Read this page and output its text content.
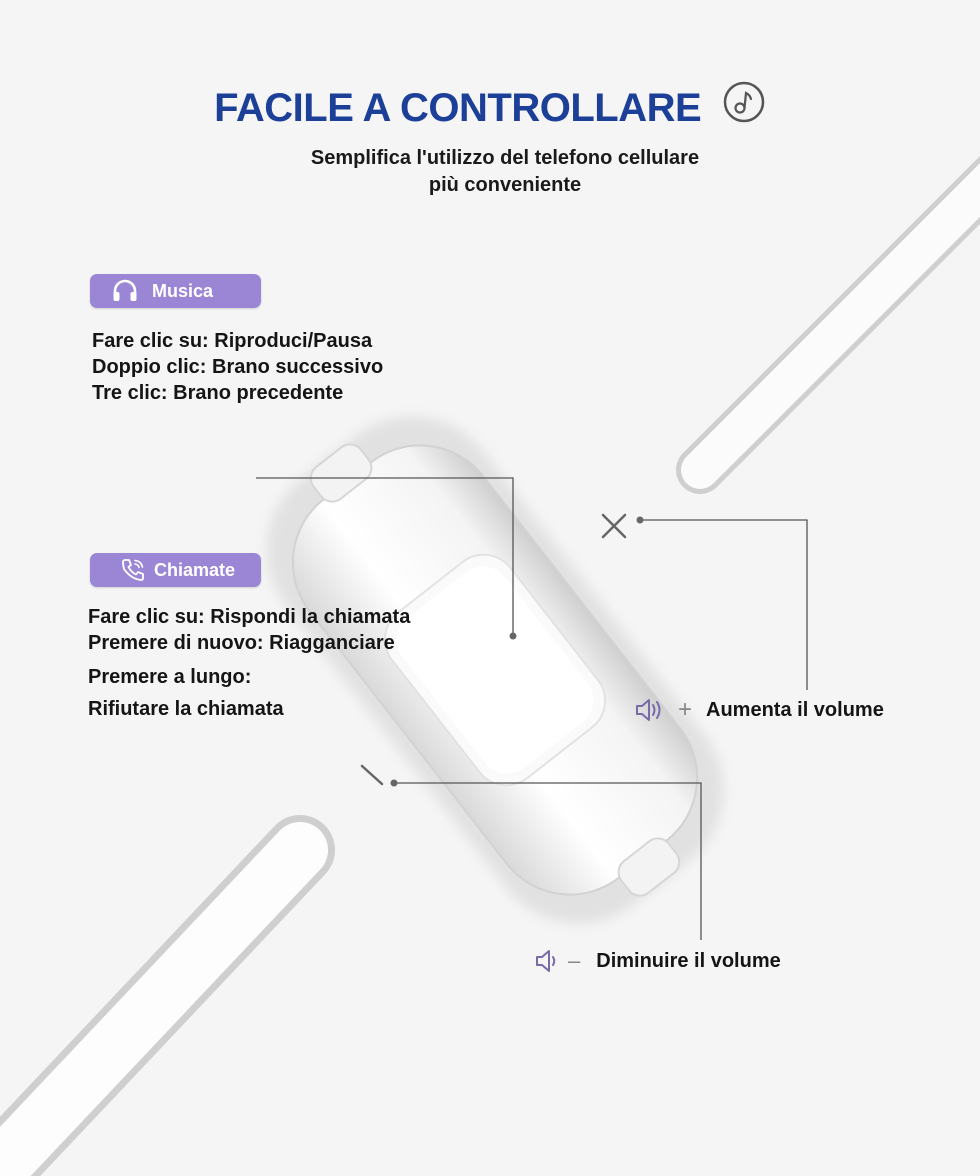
FACILE A CONTROLLARE
Semplifica l'utilizzo del telefono cellulare
più conveniente
Musica
Fare clic su: Riproduci/Pausa
Doppio clic: Brano successivo
Tre clic: Brano precedente
Chiamate
Fare clic su: Rispondi la chiamata
Premere di nuovo: Riagganciare
Premere a lungo:
Rifiutare la chiamata	+ Aumenta il volume
– Diminuire il volume
